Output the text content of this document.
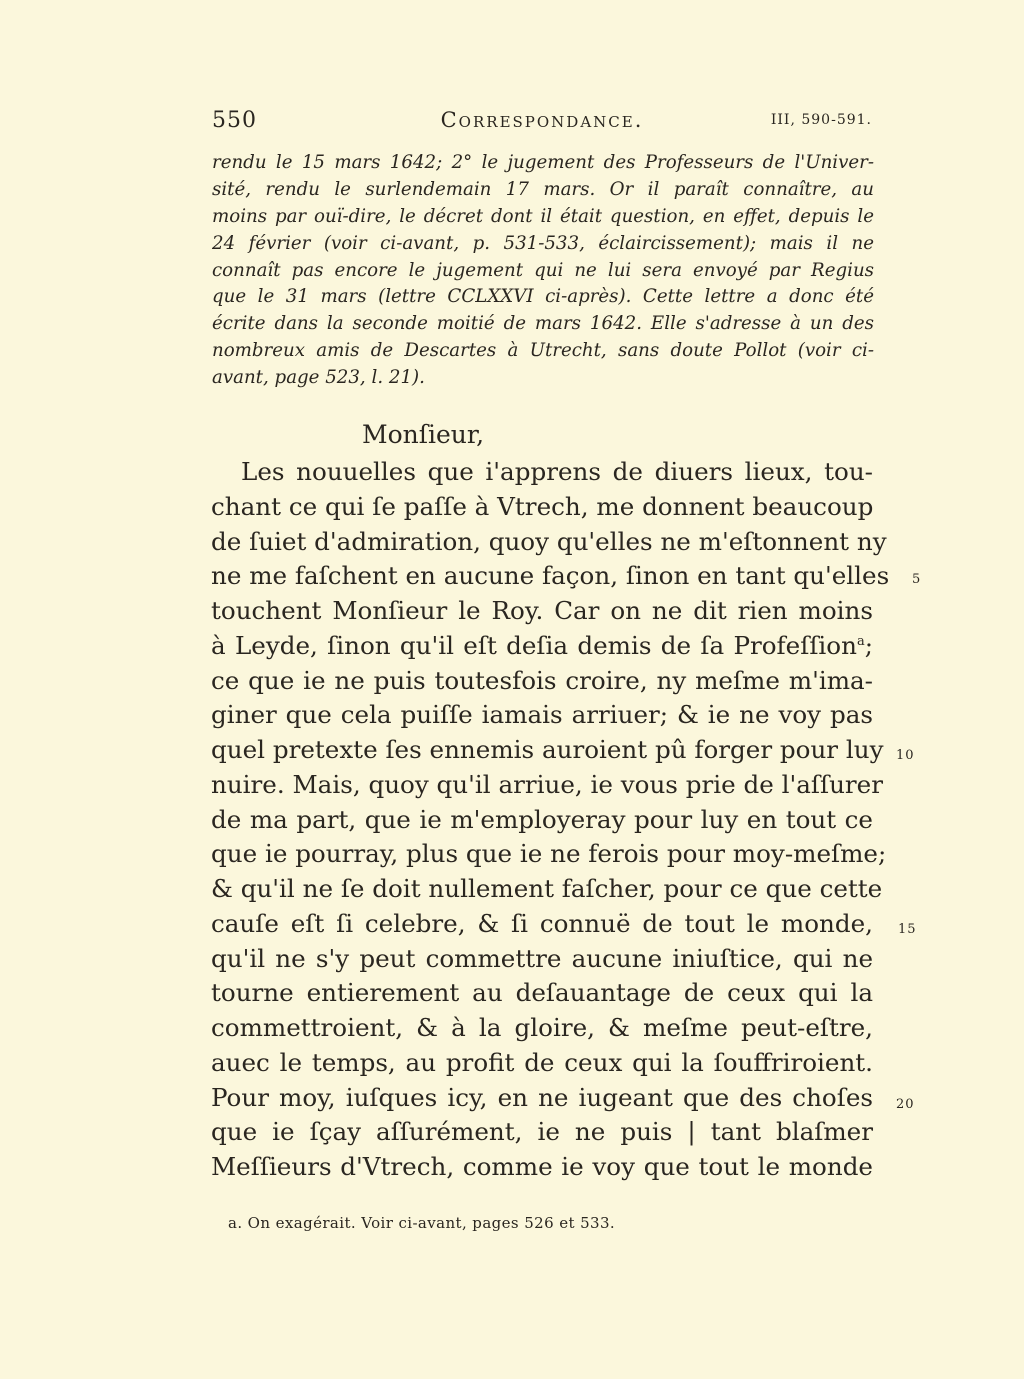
550	Correspondance.	III, 590-591.
rendu le 15 mars 1642; 2° le jugement des Professeurs de l'Univer-
sité, rendu le surlendemain 17 mars. Or il paraît connaître, au
moins par ouï-dire, le décret dont il était question, en effet, depuis le
24 février (voir ci-avant, p. 531-533, éclaircissement); mais il ne
connaît pas encore le jugement qui ne lui sera envoyé par Regius
que le 31 mars (lettre CCLXXVI ci-après). Cette lettre a donc été
écrite dans la seconde moitié de mars 1642. Elle s'adresse à un des
nombreux amis de Descartes à Utrecht, sans doute Pollot (voir ci-
avant, page 523, l. 21).
Monſieur,
Les nouuelles que i'apprens de diuers lieux, tou-
chant ce qui ſe paſſe à Vtrech, me donnent beaucoup
de ſuiet d'admiration, quoy qu'elles ne m'eſtonnent ny
ne me faſchent en aucune façon, ſinon en tant qu'elles
touchent Monſieur le Roy. Car on ne dit rien moins
à Leyde, ſinon qu'il eſt deſia demis de ſa Profeſſion$^a$;
ce que ie ne puis toutesfois croire, ny meſme m'ima-
giner que cela puiſſe iamais arriuer; & ie ne voy pas
quel pretexte ſes ennemis auroient pû forger pour luy
nuire. Mais, quoy qu'il arriue, ie vous prie de l'aſſurer
de ma part, que ie m'employeray pour luy en tout ce
que ie pourray, plus que ie ne ferois pour moy-meſme;
& qu'il ne ſe doit nullement faſcher, pour ce que cette
cauſe eſt ſi celebre, & ſi connuë de tout le monde,
qu'il ne s'y peut commettre aucune iniuſtice, qui ne
tourne entierement au deſauantage de ceux qui la
commettroient, & à la gloire, & meſme peut-eſtre,
auec le temps, au profit de ceux qui la ſouffriroient.
Pour moy, iuſques icy, en ne iugeant que des choſes
que ie ſçay aſſurément, ie ne puis | tant blaſmer
Meſſieurs d'Vtrech, comme ie voy que tout le monde
5
10
15
20
a. On exagérait. Voir ci-avant, pages 526 et 533.
